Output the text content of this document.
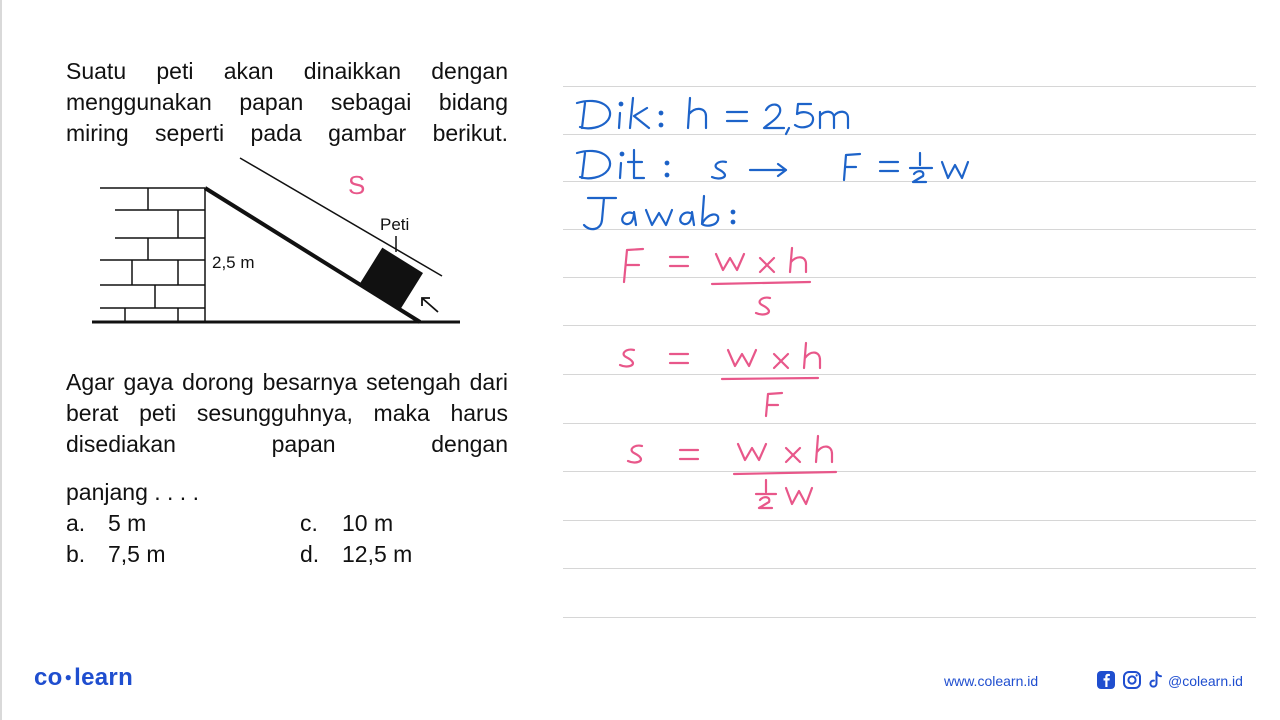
Suatu peti akan dinaikkan dengan menggunakan papan sebagai bidang miring seperti pada gambar berikut.

Agar gaya dorong besarnya setengah dari berat peti sesungguhnya, maka harus disediakan papan dengan

panjang . . . .

a. 5 m
b. 7,5 m
c. 10 m
d. 12,5 m
2,5 m
Peti
S
co ●learn	www.colearn.id	@colearn.id
